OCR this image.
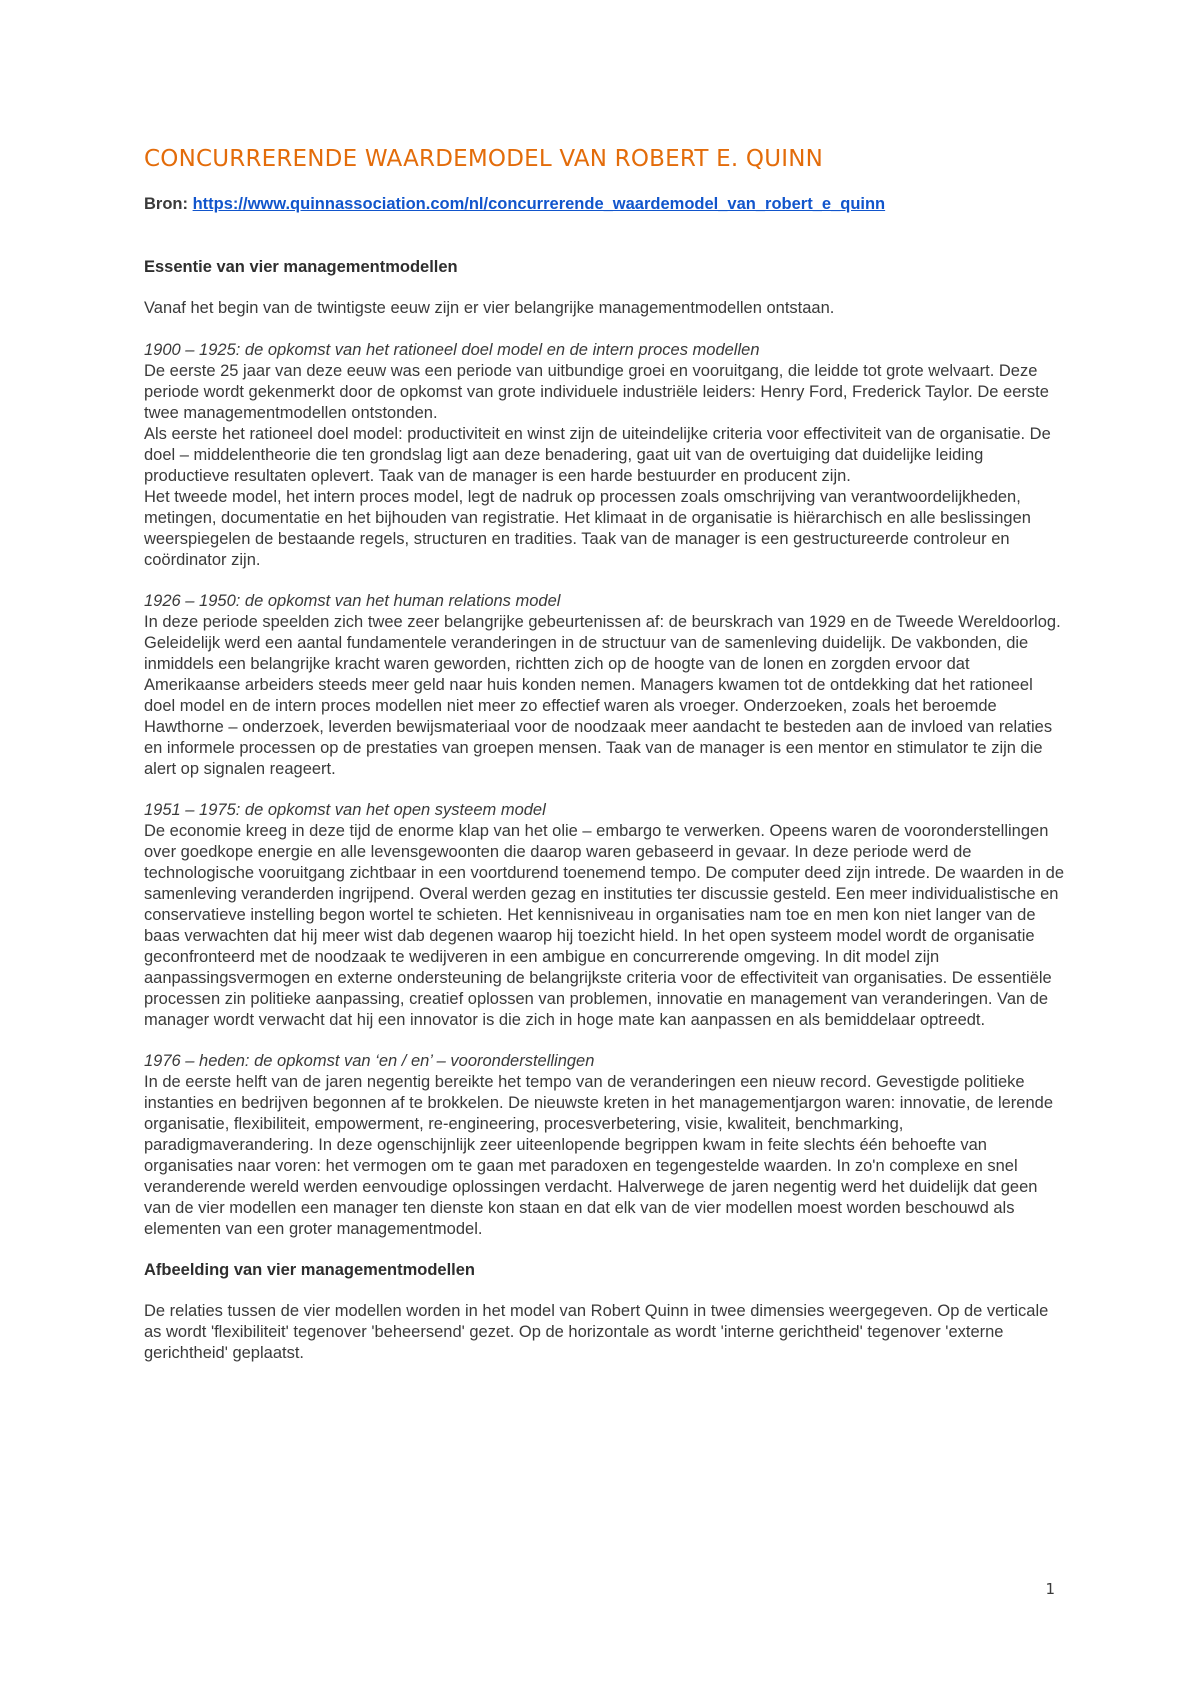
CONCURRERENDE WAARDEMODEL VAN ROBERT E. QUINN

Bron: https://www.quinnassociation.com/nl/concurrerende_waardemodel_van_robert_e_quinn

Essentie van vier managementmodellen

Vanaf het begin van de twintigste eeuw zijn er vier belangrijke managementmodellen ontstaan.

1900 – 1925: de opkomst van het rationeel doel model en de intern proces modellen

De eerste 25 jaar van deze eeuw was een periode van uitbundige groei en vooruitgang, die leidde tot grote welvaart. Deze periode wordt gekenmerkt door de opkomst van grote individuele industriële leiders: Henry Ford, Frederick Taylor. De eerste twee managementmodellen ontstonden.

Als eerste het rationeel doel model: productiviteit en winst zijn de uiteindelijke criteria voor effectiviteit van de organisatie. De doel – middelentheorie die ten grondslag ligt aan deze benadering, gaat uit van de overtuiging dat duidelijke leiding productieve resultaten oplevert. Taak van de manager is een harde bestuurder en producent zijn.

Het tweede model, het intern proces model, legt de nadruk op processen zoals omschrijving van verantwoordelijkheden, metingen, documentatie en het bijhouden van registratie. Het klimaat in de organisatie is hiërarchisch en alle beslissingen weerspiegelen de bestaande regels, structuren en tradities. Taak van de manager is een gestructureerde controleur en coördinator zijn.

1926 – 1950: de opkomst van het human relations model

In deze periode speelden zich twee zeer belangrijke gebeurtenissen af: de beurskrach van 1929 en de Tweede Wereldoorlog. Geleidelijk werd een aantal fundamentele veranderingen in de structuur van de samenleving duidelijk. De vakbonden, die inmiddels een belangrijke kracht waren geworden, richtten zich op de hoogte van de lonen en zorgden ervoor dat Amerikaanse arbeiders steeds meer geld naar huis konden nemen. Managers kwamen tot de ontdekking dat het rationeel doel model en de intern proces modellen niet meer zo effectief waren als vroeger. Onderzoeken, zoals het beroemde Hawthorne – onderzoek, leverden bewijsmateriaal voor de noodzaak meer aandacht te besteden aan de invloed van relaties en informele processen op de prestaties van groepen mensen. Taak van de manager is een mentor en stimulator te zijn die alert op signalen reageert.

1951 – 1975: de opkomst van het open systeem model

De economie kreeg in deze tijd de enorme klap van het olie – embargo te verwerken. Opeens waren de vooronderstellingen over goedkope energie en alle levensgewoonten die daarop waren gebaseerd in gevaar. In deze periode werd de technologische vooruitgang zichtbaar in een voortdurend toenemend tempo. De computer deed zijn intrede. De waarden in de samenleving veranderden ingrijpend. Overal werden gezag en instituties ter discussie gesteld. Een meer individualistische en conservatieve instelling begon wortel te schieten. Het kennisniveau in organisaties nam toe en men kon niet langer van de baas verwachten dat hij meer wist dab degenen waarop hij toezicht hield. In het open systeem model wordt de organisatie geconfronteerd met de noodzaak te wedijveren in een ambigue en concurrerende omgeving. In dit model zijn aanpassingsvermogen en externe ondersteuning de belangrijkste criteria voor de effectiviteit van organisaties. De essentiële processen zin politieke aanpassing, creatief oplossen van problemen, innovatie en management van veranderingen. Van de manager wordt verwacht dat hij een innovator is die zich in hoge mate kan aanpassen en als bemiddelaar optreedt.

1976 – heden: de opkomst van ‘en / en’ – vooronderstellingen

In de eerste helft van de jaren negentig bereikte het tempo van de veranderingen een nieuw record. Gevestigde politieke instanties en bedrijven begonnen af te brokkelen. De nieuwste kreten in het managementjargon waren: innovatie, de lerende organisatie, flexibiliteit, empowerment, re-engineering, procesverbetering, visie, kwaliteit, benchmarking, paradigmaverandering. In deze ogenschijnlijk zeer uiteenlopende begrippen kwam in feite slechts één behoefte van organisaties naar voren: het vermogen om te gaan met paradoxen en tegengestelde waarden. In zo'n complexe en snel veranderende wereld werden eenvoudige oplossingen verdacht. Halverwege de jaren negentig werd het duidelijk dat geen van de vier modellen een manager ten dienste kon staan en dat elk van de vier modellen moest worden beschouwd als elementen van een groter managementmodel.

Afbeelding van vier managementmodellen

De relaties tussen de vier modellen worden in het model van Robert Quinn in twee dimensies weergegeven. Op de verticale as wordt 'flexibiliteit' tegenover 'beheersend' gezet. Op de horizontale as wordt 'interne gerichtheid' tegenover 'externe gerichtheid' geplaatst.

1
